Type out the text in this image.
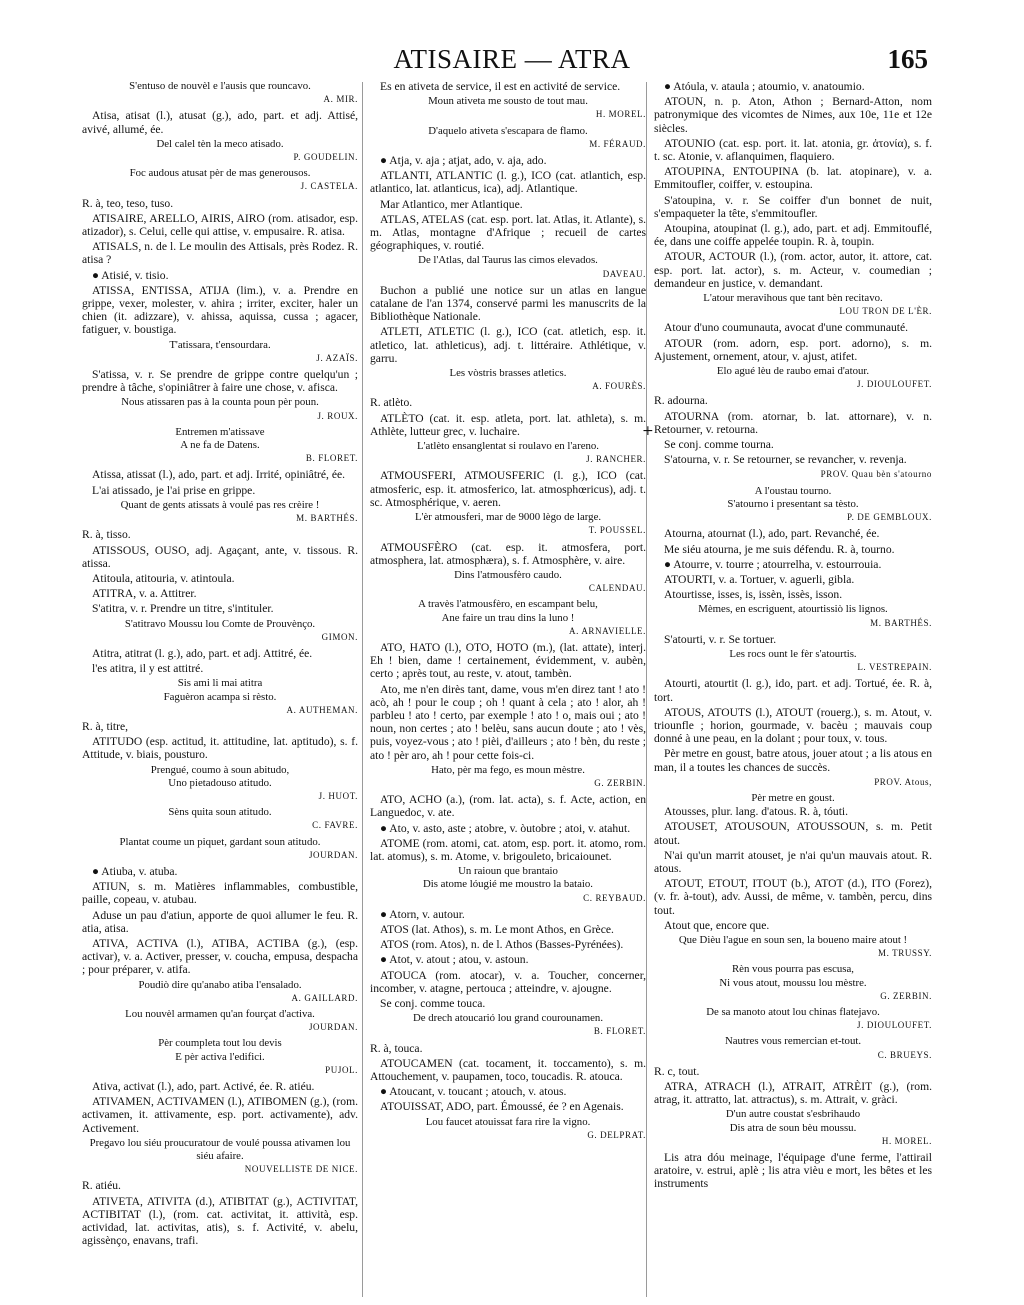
ATISAIRE — ATRA	165

S'entuso de nouvèl e l'ausis que rouncavo.

A. MIR.

Atisa, atisat (l.), atusat (g.), ado, part. et adj. Attisé, avivé, allumé, ée.

Del calel tèn la meco atisado.

P. GOUDELIN.

Foc audous atusat pèr de mas generousos.

J. CASTELA.

R. à, teo, teso, tuso.

ATISAIRE, ARELLO, AIRIS, AIRO (rom. atisador, esp. atizador), s. Celui, celle qui attise, v. empusaire. R. atisa.

ATISALS, n. de l. Le moulin des Attisals, près Rodez. R. atisa ?

● Atisié, v. tisio.

ATISSA, ENTISSA, ATIJA (lim.), v. a. Prendre en grippe, vexer, molester, v. ahira ; irriter, exciter, haler un chien (it. adizzare), v. ahissa, aquissa, cussa ; agacer, fatiguer, v. boustiga.

T'atissara, t'ensourdara.

J. AZAÏS.

S'atissa, v. r. Se prendre de grippe contre quelqu'un ; prendre à tâche, s'opiniâtrer à faire une chose, v. afisca.

Nous atissaren pas à la counta poun pèr poun.

J. ROUX.

Entremen m'atissave

A ne fa de Datens.

B. FLORET.

Atissa, atissat (l.), ado, part. et adj. Irrité, opiniâtré, ée.

L'ai atissado, je l'ai prise en grippe.

Quant de gents atissats à voulé pas res crèire !

M. BARTHÉS.

R. à, tisso.

ATISSOUS, OUSO, adj. Agaçant, ante, v. tissous. R. atissa.

Atitoula, atitouria, v. atintoula.

ATITRA, v. a. Attitrer.

S'atitra, v. r. Prendre un titre, s'intituler.

S'atitravo Moussu lou Comte de Prouvènço.

GIMON.

Atitra, atitrat (l. g.), ado, part. et adj. Attitré, ée.

l'es atitra, il y est attitré.

Sis ami li mai atitra

Faguèron acampa si rèsto.

A. AUTHEMAN.

R. à, titre,

ATITUDO (esp. actitud, it. attitudine, lat. aptitudo), s. f. Attitude, v. biais, pousturo.

Prengué, coumo à soun abitudo,

Uno pietadouso atitudo.

J. HUOT.

Sèns quita soun atitudo.

C. FAVRE.

Plantat coume un piquet, gardant soun atitudo.

JOURDAN.

● Atiuba, v. atuba.

ATIUN, s. m. Matières inflammables, combustible, paille, copeau, v. atubau.

Aduse un pau d'atiun, apporte de quoi allumer le feu. R. atia, atisa.

ATIVA, ACTIVA (l.), ATIBA, ACTIBA (g.), (esp. activar), v. a. Activer, presser, v. coucha, empusa, despacha ; pour préparer, v. atifa.

Poudiò dire qu'anabo atiba l'ensalado.

A. GAILLARD.

Lou nouvèl armamen qu'an fourçat d'activa.

JOURDAN.

Pèr coumpleta tout lou devis

E pèr activa l'edifici.

PUJOL.

Ativa, activat (l.), ado, part. Activé, ée. R. atiéu.

ATIVAMEN, ACTIVAMEN (l.), ATIBOMEN (g.), (rom. activamen, it. attivamente, esp. port. activamente), adv. Activement.

Pregavo lou siéu proucuratour de voulé poussa ativamen lou siéu afaire.

NOUVELLISTE DE NICE.

R. atiéu.

ATIVETA, ATIVITA (d.), ATIBITAT (g.), ACTIVITAT, ACTIBITAT (l.), (rom. cat. activitat, it. attività, esp. actividad, lat. activitas, atis), s. f. Activité, v. abelu, agissènço, enavans, trafi.

Es en ativeta de service, il est en activité de service.

Moun ativeta me sousto de tout mau.

H. MOREL.

D'aquelo ativeta s'escapara de flamo.

M. FÉRAUD.

● Atja, v. aja ; atjat, ado, v. aja, ado.

ATLANTI, ATLANTIC (l. g.), ICO (cat. atlantich, esp. atlantico, lat. atlanticus, ica), adj. Atlantique.

Mar Atlantico, mer Atlantique.

ATLAS, ATELAS (cat. esp. port. lat. Atlas, it. Atlante), s. m. Atlas, montagne d'Afrique ; recueil de cartes géographiques, v. routié.

De l'Atlas, dal Taurus las cimos elevados.

DAVEAU.

Buchon a publié une notice sur un atlas en langue catalane de l'an 1374, conservé parmi les manuscrits de la Bibliothèque Nationale.

ATLETI, ATLETIC (l. g.), ICO (cat. atletich, esp. it. atletico, lat. athleticus), adj. t. littéraire. Athlétique, v. garru.

Les vòstris brasses atletics.

A. FOURÈS.

R. atlèto.

ATLÈTO (cat. it. esp. atleta, port. lat. athleta), s. m. Athlète, lutteur grec, v. luchaire.

L'atlèto ensanglentat si roulavo en l'areno.

J. RANCHER.

ATMOUSFERI, ATMOUSFERIC (l. g.), ICO (cat. atmosferic, esp. it. atmosferico, lat. atmosphœricus), adj. t. sc. Atmosphérique, v. aeren.

L'èr atmousferi, mar de 9000 lègo de large.

T. POUSSEL.

ATMOUSFÈRO (cat. esp. it. atmosfera, port. atmosphera, lat. atmosphæra), s. f. Atmosphère, v. aire.

Dins l'atmousfèro caudo.

CALENDAU.

A travès l'atmousfèro, en escampant belu,

Ane faire un trau dins la luno !

A. ARNAVIELLE.

ATO, HATO (l.), OTO, HOTO (m.), (lat. attate), interj. Eh ! bien, dame ! certainement, évidemment, v. aubèn, certo ; après tout, au reste, v. atout, tambèn.

Ato, me n'en dirès tant, dame, vous m'en direz tant ! ato ! acò, ah ! pour le coup ; oh ! quant à cela ; ato ! alor, ah ! parbleu ! ato ! certo, par exemple ! ato ! o, mais oui ; ato ! noun, non certes ; ato ! belèu, sans aucun doute ; ato ! vès, puis, voyez-vous ; ato ! pièi, d'ailleurs ; ato ! bèn, du reste ; ato ! pèr aro, ah ! pour cette fois-ci.

Hato, pèr ma fego, es moun mèstre.

G. ZERBIN.

ATO, ACHO (a.), (rom. lat. acta), s. f. Acte, action, en Languedoc, v. ate.

● Ato, v. asto, aste ; atobre, v. òutobre ; atoi, v. atahut.

ATOME (rom. atomi, cat. atom, esp. port. it. atomo, rom. lat. atomus), s. m. Atome, v. brigouleto, bricaiounet.

Un raioun que brantaio

Dis atome lóugié me moustro la bataio.

C. REYBAUD.

● Atorn, v. autour.

ATOS (lat. Athos), s. m. Le mont Athos, en Grèce.

ATOS (rom. Atos), n. de l. Athos (Basses-Pyrénées).

● Atot, v. atout ; atou, v. astoun.

ATOUCA (rom. atocar), v. a. Toucher, concerner, incomber, v. atagne, pertouca ; atteindre, v. ajougne.

Se conj. comme touca.

De drech atoucarió lou grand courounamen.

B. FLORET.

R. à, touca.

ATOUCAMEN (cat. tocament, it. toccamento), s. m. Attouchement, v. paupamen, toco, toucadis. R. atouca.

● Atoucant, v. toucant ; atouch, v. atous.

ATOUISSAT, ADO, part. Émoussé, ée ? en Agenais.

Lou faucet atouissat fara rire la vigno.

G. DELPRAT.

● Atóula, v. ataula ; atoumio, v. anatoumio.

ATOUN, n. p. Aton, Athon ; Bernard-Atton, nom patronymique des vicomtes de Nimes, aux 10e, 11e et 12e siècles.

ATOUNIO (cat. esp. port. it. lat. atonia, gr. ἀτονία), s. f. t. sc. Atonie, v. aflanquimen, flaquiero.

ATOUPINA, ENTOUPINA (b. lat. atopinare), v. a. Emmitoufler, coiffer, v. estoupina.

S'atoupina, v. r. Se coiffer d'un bonnet de nuit, s'empaqueter la tête, s'emmitoufler.

Atoupina, atoupinat (l. g.), ado, part. et adj. Emmitouflé, ée, dans une coiffe appelée toupin. R. à, toupin.

ATOUR, ACTOUR (l.), (rom. actor, autor, it. attore, cat. esp. port. lat. actor), s. m. Acteur, v. coumedian ; demandeur en justice, v. demandant.

L'atour meravihous que tant bèn recitavo.

LOU TRON DE L'ÈR.

Atour d'uno coumunauta, avocat d'une communauté.

ATOUR (rom. adorn, esp. port. adorno), s. m. Ajustement, ornement, atour, v. ajust, atifet.

Elo agué lèu de raubo emai d'atour.

J. DIOULOUFET.

R. adourna.

ATOURNA (rom. atornar, b. lat. attornare), v. n. Retourner, v. retourna.

Se conj. comme tourna.

S'atourna, v. r. Se retourner, se revancher, v. revenja.

PROV. Quau bèn s'atourno

A l'oustau tourno.

S'atourno i presentant sa tèsto.

P. DE GEMBLOUX.

Atourna, atournat (l.), ado, part. Revanché, ée.

Me siéu atourna, je me suis défendu. R. à, tourno.

● Atourre, v. tourre ; atourrelha, v. estourrouia.

ATOURTI, v. a. Tortuer, v. aguerli, gibla.

Atourtisse, isses, is, issèn, issès, isson.

Mèmes, en escriguent, atourtissiò lis lignos.

M. BARTHÉS.

S'atourti, v. r. Se tortuer.

Les rocs ount le fèr s'atourtis.

L. VESTREPAIN.

Atourti, atourtit (l. g.), ido, part. et adj. Tortué, ée. R. à, tort.

ATOUS, ATOUTS (l.), ATOUT (rouerg.), s. m. Atout, v. triounfle ; horion, gourmade, v. bacèu ; mauvais coup donné à une peau, en la dolant ; pour toux, v. tous.

Pèr metre en goust, batre atous, jouer atout ; a lis atous en man, il a toutes les chances de succès.

PROV. Atous,

Pèr metre en goust.

Atousses, plur. lang. d'atous. R. à, tóuti.

ATOUSET, ATOUSOUN, ATOUSSOUN, s. m. Petit atout.

N'ai qu'un marrit atouset, je n'ai qu'un mauvais atout. R. atous.

ATOUT, ETOUT, ITOUT (b.), ATOT (d.), ITO (Forez), (v. fr. à-tout), adv. Aussi, de même, v. tambèn, percu, dins tout.

Atout que, encore que.

Que Dièu l'ague en soun sen, la boueno maire atout !

M. TRUSSY.

Rèn vous pourra pas escusa,

Ni vous atout, moussu lou mèstre.

G. ZERBIN.

De sa manoto atout lou chinas flatejavo.

J. DIOULOUFET.

Nautres vous remercian et-tout.

C. BRUEYS.

R. c, tout.

ATRA, ATRACH (l.), ATRAIT, ATRÈIT (g.), (rom. atrag, it. attratto, lat. attractus), s. m. Attrait, v. gràci.

D'un autre coustat s'esbrihaudo

Dis atra de soun bèu moussu.

H. MOREL.

Lis atra dóu meinage, l'équipage d'une ferme, l'attirail aratoire, v. estrui, aplè ; lis atra vièu e mort, les bêtes et les instruments

+
